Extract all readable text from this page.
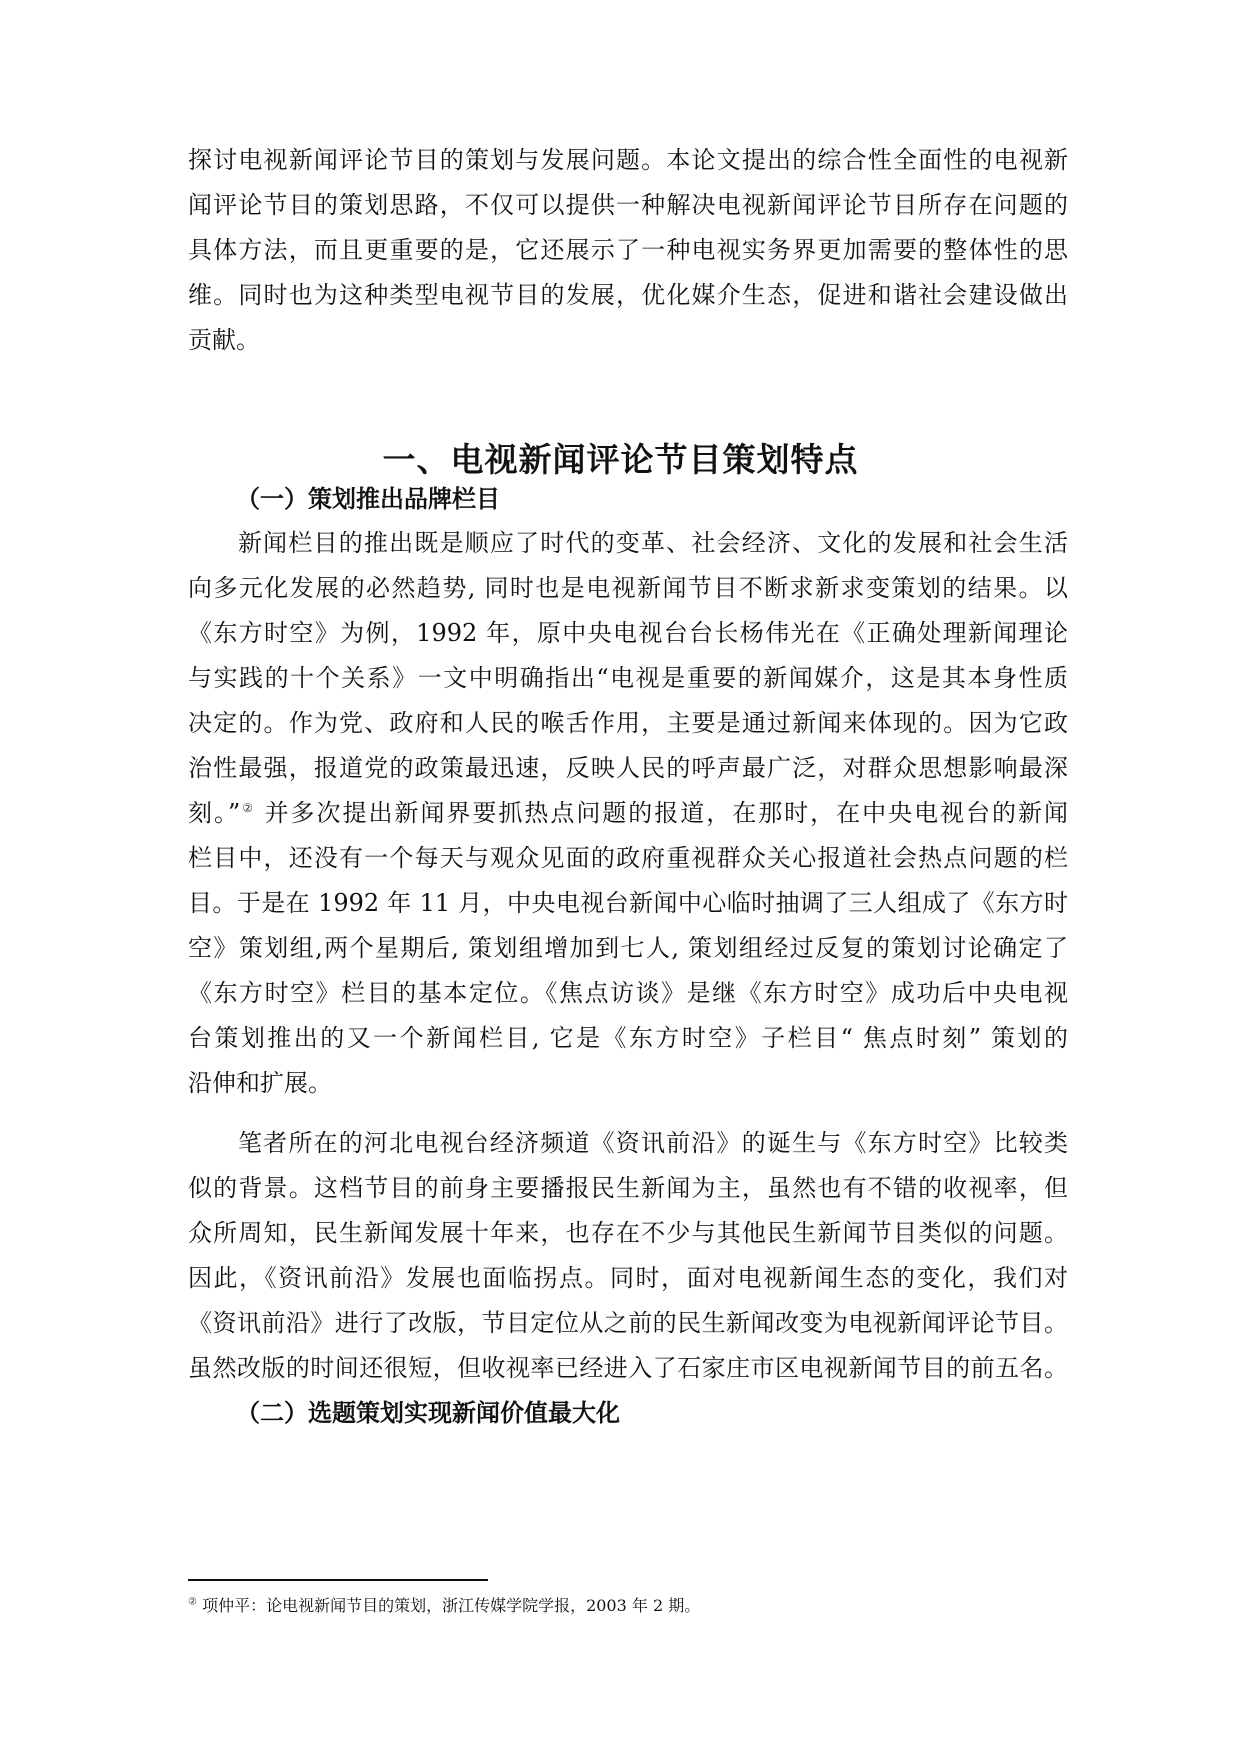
探讨电视新闻评论节目的策划与发展问题。本论文提出的综合性全面性的电视新
闻评论节目的策划思路，不仅可以提供一种解决电视新闻评论节目所存在问题的
具体方法，而且更重要的是，它还展示了一种电视实务界更加需要的整体性的思
维。同时也为这种类型电视节目的发展，优化媒介生态，促进和谐社会建设做出
贡献。
一、电视新闻评论节目策划特点
（一）策划推出品牌栏目
新闻栏目的推出既是顺应了时代的变革、社会经济、文化的发展和社会生活
向多元化发展的必然趋势, 同时也是电视新闻节目不断求新求变策划的结果。以
《东方时空》为例，1992 年，原中央电视台台长杨伟光在《正确处理新闻理论
与实践的十个关系》一文中明确指出“电视是重要的新闻媒介，这是其本身性质
决定的。作为党、政府和人民的喉舌作用，主要是通过新闻来体现的。因为它政
治性最强，报道党的政策最迅速，反映人民的呼声最广泛，对群众思想影响最深
刻。”② 并多次提出新闻界要抓热点问题的报道，在那时，在中央电视台的新闻
栏目中，还没有一个每天与观众见面的政府重视群众关心报道社会热点问题的栏
目。于是在 1992 年 11 月，中央电视台新闻中心临时抽调了三人组成了《东方时
空》策划组,两个星期后, 策划组增加到七人, 策划组经过反复的策划讨论确定了
《东方时空》栏目的基本定位。《焦点访谈》是继《东方时空》成功后中央电视
台策划推出的又一个新闻栏目, 它是《东方时空》子栏目“ 焦点时刻” 策划的
沿伸和扩展。
笔者所在的河北电视台经济频道《资讯前沿》的诞生与《东方时空》比较类
似的背景。这档节目的前身主要播报民生新闻为主，虽然也有不错的收视率，但
众所周知，民生新闻发展十年来，也存在不少与其他民生新闻节目类似的问题。
因此，《资讯前沿》发展也面临拐点。同时，面对电视新闻生态的变化，我们对
《资讯前沿》进行了改版，节目定位从之前的民生新闻改变为电视新闻评论节目。
虽然改版的时间还很短，但收视率已经进入了石家庄市区电视新闻节目的前五名。
（二）选题策划实现新闻价值最大化
② 项仲平：论电视新闻节目的策划，浙江传媒学院学报，2003 年 2 期。
